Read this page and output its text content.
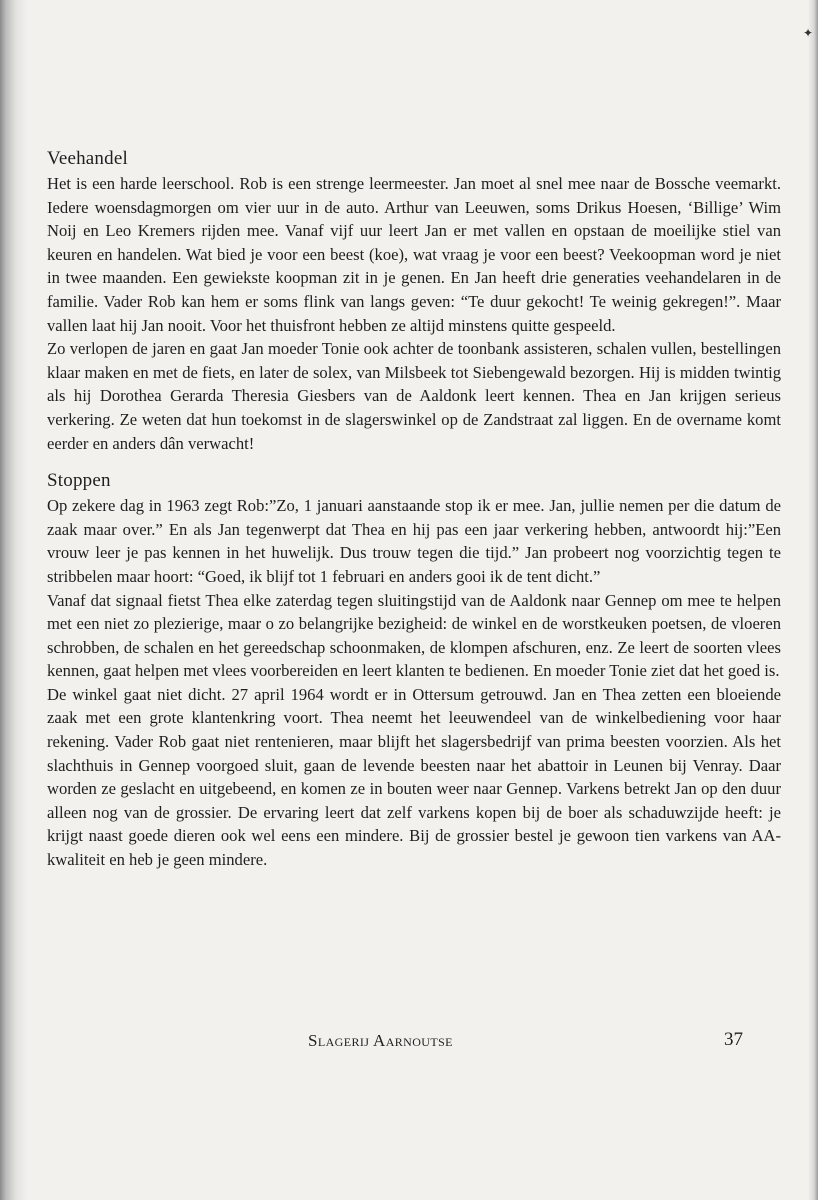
✦
Veehandel

Het is een harde leerschool. Rob is een strenge leermeester. Jan moet al snel mee naar de Bossche veemarkt. Iedere woensdagmorgen om vier uur in de auto. Arthur van Leeuwen, soms Drikus Hoesen, ‘Billige’ Wim Noij en Leo Kremers rijden mee. Vanaf vijf uur leert Jan er met vallen en opstaan de moeilijke stiel van keuren en handelen. Wat bied je voor een beest (koe), wat vraag je voor een beest? Veekoopman word je niet in twee maanden. Een gewiekste koopman zit in je genen. En Jan heeft drie generaties veehandelaren in de familie. Vader Rob kan hem er soms flink van langs geven: “Te duur gekocht! Te weinig gekregen!”. Maar vallen laat hij Jan nooit. Voor het thuisfront hebben ze altijd minstens quitte gespeeld.

Zo verlopen de jaren en gaat Jan moeder Tonie ook achter de toonbank assisteren, schalen vullen, bestellingen klaar maken en met de fiets, en later de solex, van Milsbeek tot Siebengewald bezorgen. Hij is midden twintig als hij Dorothea Gerarda Theresia Giesbers van de Aaldonk leert kennen. Thea en Jan krijgen serieus verkering. Ze weten dat hun toekomst in de slagerswinkel op de Zandstraat zal liggen. En de overname komt eerder en anders dân verwacht!

Stoppen

Op zekere dag in 1963 zegt Rob:”Zo, 1 januari aanstaande stop ik er mee. Jan, jullie nemen per die datum de zaak maar over.” En als Jan tegenwerpt dat Thea en hij pas een jaar verkering hebben, antwoordt hij:”Een vrouw leer je pas kennen in het huwelijk. Dus trouw tegen die tijd.” Jan probeert nog voorzichtig tegen te stribbelen maar hoort: “Goed, ik blijf tot 1 februari en anders gooi ik de tent dicht.”

Vanaf dat signaal fietst Thea elke zaterdag tegen sluitingstijd van de Aaldonk naar Gennep om mee te helpen met een niet zo plezierige, maar o zo belangrijke bezigheid: de winkel en de worstkeuken poetsen, de vloeren schrobben, de schalen en het gereedschap schoonmaken, de klompen afschuren, enz. Ze leert de soorten vlees kennen, gaat helpen met vlees voorbereiden en leert klanten te bedienen. En moeder Tonie ziet dat het goed is.

De winkel gaat niet dicht. 27 april 1964 wordt er in Ottersum getrouwd. Jan en Thea zetten een bloeiende zaak met een grote klantenkring voort. Thea neemt het leeuwendeel van de winkelbediening voor haar rekening. Vader Rob gaat niet rentenieren, maar blijft het slagersbedrijf van prima beesten voorzien. Als het slachthuis in Gennep voorgoed sluit, gaan de levende beesten naar het abattoir in Leunen bij Venray. Daar worden ze geslacht en uitgebeend, en komen ze in bouten weer naar Gennep. Varkens betrekt Jan op den duur alleen nog van de grossier. De ervaring leert dat zelf varkens kopen bij de boer als schaduwzijde heeft: je krijgt naast goede dieren ook wel eens een mindere. Bij de grossier bestel je gewoon tien varkens van AA-kwaliteit en heb je geen mindere.

Slagerij Aarnoutse	37
